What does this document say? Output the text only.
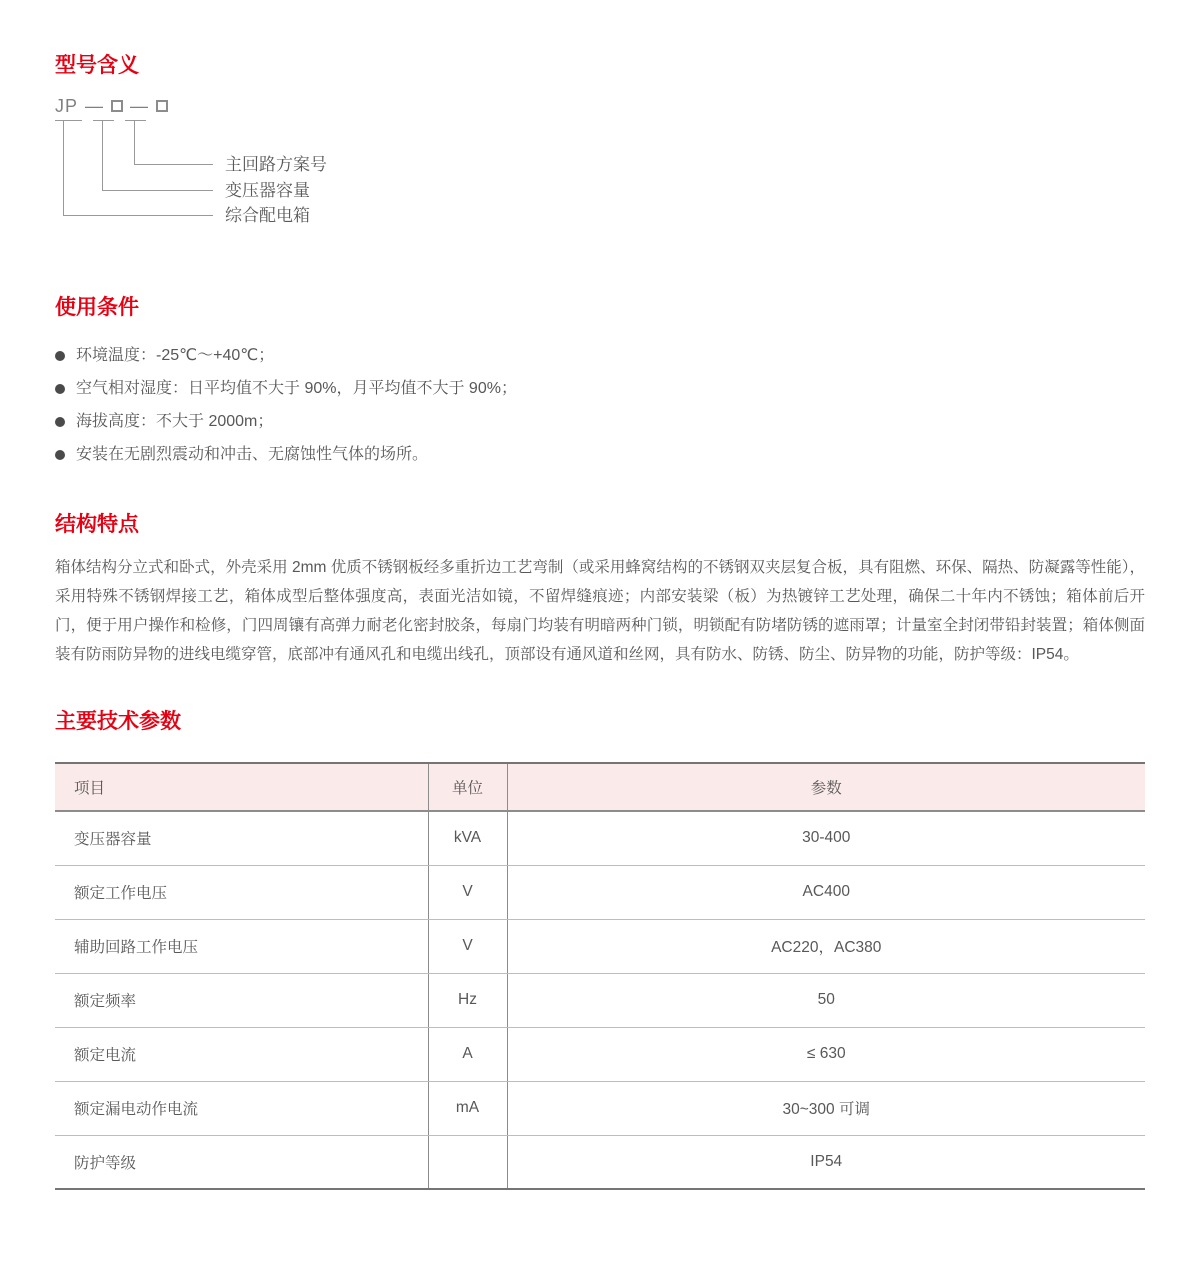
型号含义
JP — —
主回路方案号
变压器容量
综合配电箱
使用条件
环境温度：-25℃～+40℃；
空气相对湿度：日平均值不大于 90%，月平均值不大于 90%；
海拔高度：不大于 2000m；
安装在无剧烈震动和冲击、无腐蚀性气体的场所。
结构特点

箱体结构分立式和卧式，外壳采用 2mm 优质不锈钢板经多重折边工艺弯制（或采用蜂窝结构的不锈钢双夹层复合板，具有阻燃、环保、隔热、防凝露等性能），采用特殊不锈钢焊接工艺，箱体成型后整体强度高，表面光洁如镜，不留焊缝痕迹；内部安装梁（板）为热镀锌工艺处理，确保二十年内不锈蚀；箱体前后开门，便于用户操作和检修，门四周镶有高弹力耐老化密封胶条，每扇门均装有明暗两种门锁，明锁配有防堵防锈的遮雨罩；计量室全封闭带铅封装置；箱体侧面装有防雨防异物的进线电缆穿管，底部冲有通风孔和电缆出线孔，顶部设有通风道和丝网，具有防水、防锈、防尘、防异物的功能，防护等级：IP54。

主要技术参数
项目	单位	参数
变压器容量	kVA	30-400
额定工作电压	V	AC400
辅助回路工作电压	V	AC220，AC380
额定频率	Hz	50
额定电流	A	≤ 630
额定漏电动作电流	mA	30~300 可调
防护等级		IP54
